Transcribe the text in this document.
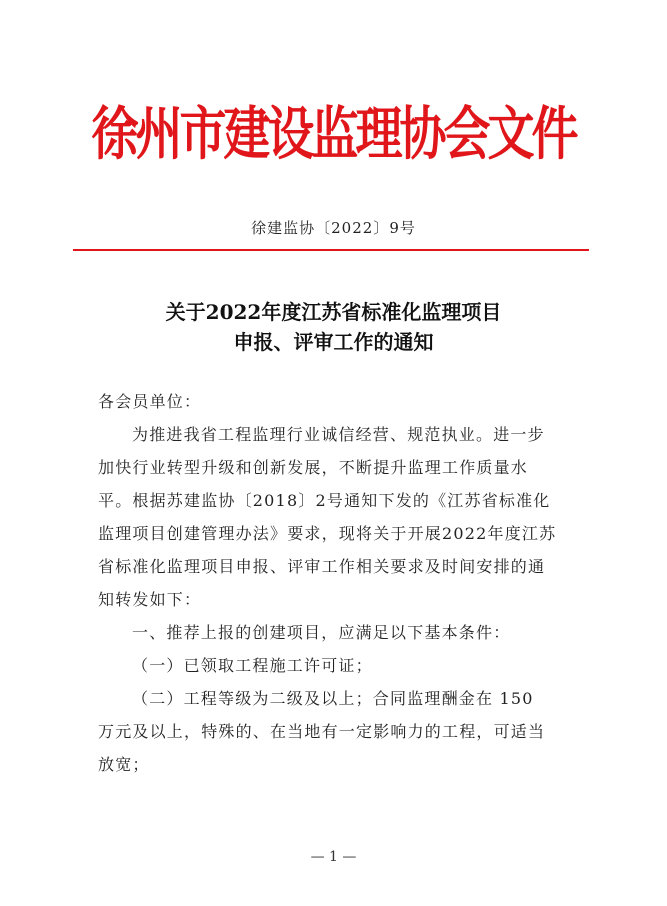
徐州市建设监理协会文件
徐建监协〔2022〕9号
关于2022年度江苏省标准化监理项目
申报、评审工作的通知

各会员单位：

为推进我省工程监理行业诚信经营、规范执业。进一步

加快行业转型升级和创新发展，不断提升监理工作质量水

平。根据苏建监协〔2018〕2号通知下发的《江苏省标准化

监理项目创建管理办法》要求，现将关于开展2022年度江苏

省标准化监理项目申报、评审工作相关要求及时间安排的通

知转发如下：

一、推荐上报的创建项目，应满足以下基本条件：

（一）已领取工程施工许可证；

（二）工程等级为二级及以上；合同监理酬金在 150

万元及以上，特殊的、在当地有一定影响力的工程，可适当

放宽；

— 1 —
